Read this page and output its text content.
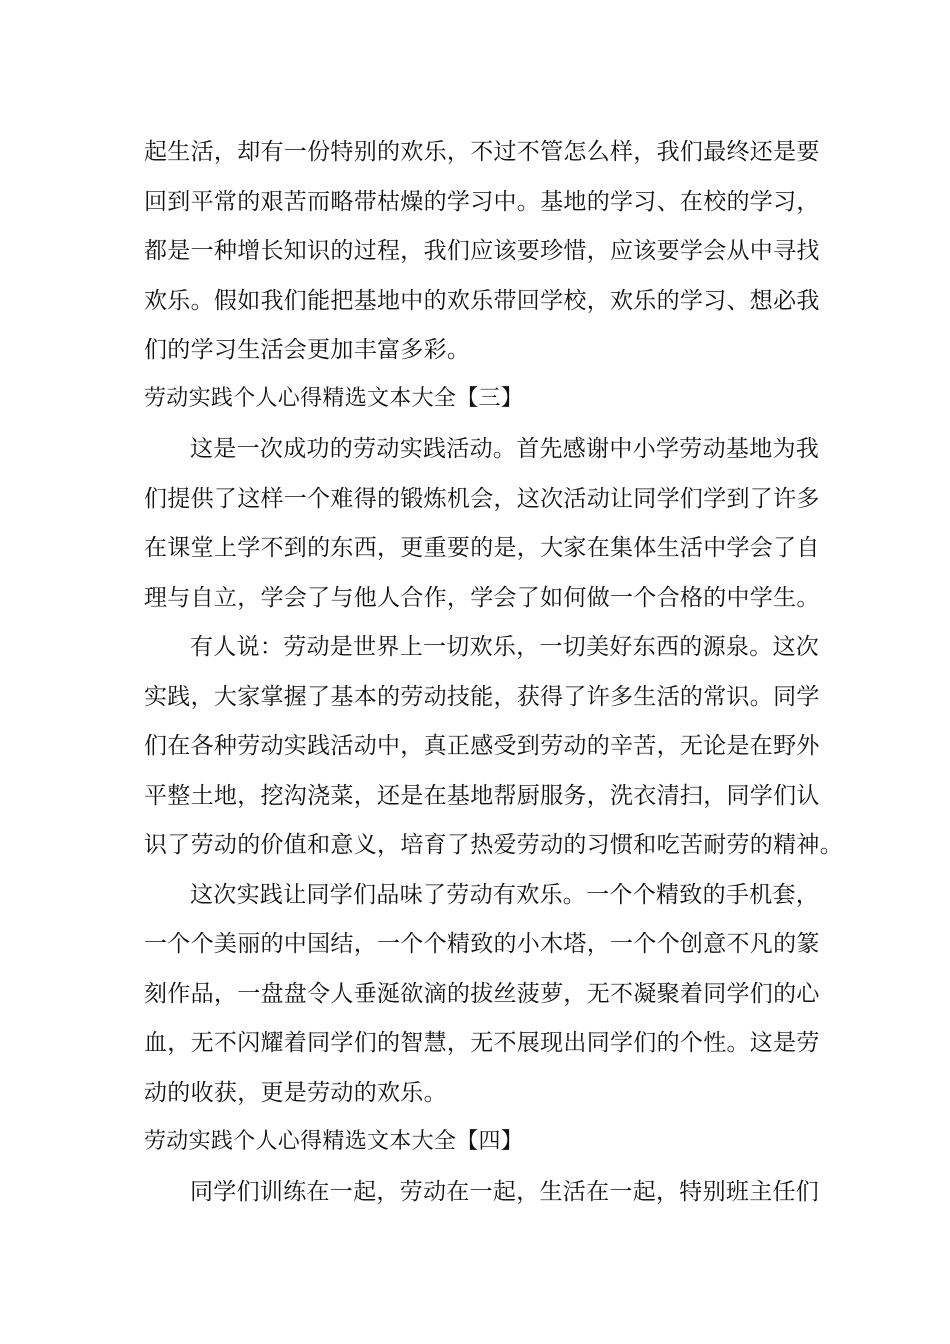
起生活，却有一份特别的欢乐，不过不管怎么样，我们最终还是要
回到平常的艰苦而略带枯燥的学习中。基地的学习、在校的学习，
都是一种增长知识的过程，我们应该要珍惜，应该要学会从中寻找
欢乐。假如我们能把基地中的欢乐带回学校，欢乐的学习、想必我
们的学习生活会更加丰富多彩。
劳动实践个人心得精选文本大全【三】
这是一次成功的劳动实践活动。首先感谢中小学劳动基地为我
们提供了这样一个难得的锻炼机会，这次活动让同学们学到了许多
在课堂上学不到的东西，更重要的是，大家在集体生活中学会了自
理与自立，学会了与他人合作，学会了如何做一个合格的中学生。
有人说：劳动是世界上一切欢乐，一切美好东西的源泉。这次
实践，大家掌握了基本的劳动技能，获得了许多生活的常识。同学
们在各种劳动实践活动中，真正感受到劳动的辛苦，无论是在野外
平整土地，挖沟浇菜，还是在基地帮厨服务，洗衣清扫，同学们认
识了劳动的价值和意义，培育了热爱劳动的习惯和吃苦耐劳的精神。
这次实践让同学们品味了劳动有欢乐。一个个精致的手机套，
一个个美丽的中国结，一个个精致的小木塔，一个个创意不凡的篆
刻作品，一盘盘令人垂涎欲滴的拔丝菠萝，无不凝聚着同学们的心
血，无不闪耀着同学们的智慧，无不展现出同学们的个性。这是劳
动的收获，更是劳动的欢乐。
劳动实践个人心得精选文本大全【四】
同学们训练在一起，劳动在一起，生活在一起，特别班主任们
